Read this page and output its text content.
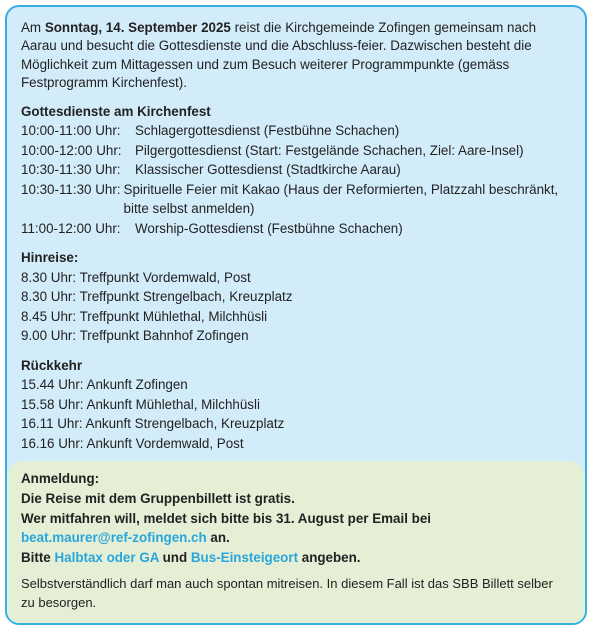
Am Sonntag, 14. September 2025 reist die Kirchgemeinde Zofingen gemeinsam nach Aarau und besucht die Gottesdienste und die Abschluss-feier. Dazwischen besteht die Möglichkeit zum Mittagessen und zum Besuch weiterer Programmpunkte (gemäss Festprogramm Kirchenfest).

Gottesdienste am Kirchenfest

10:00-11:00 Uhr: Schlagergottesdienst (Festbühne Schachen)
10:00-12:00 Uhr: Pilgergottesdienst (Start: Festgelände Schachen, Ziel: Aare-Insel)
10:30-11:30 Uhr: Klassischer Gottesdienst (Stadtkirche Aarau)
10:30-11:30 Uhr: Spirituelle Feier mit Kakao (Haus der Reformierten, Platzzahl beschränkt, bitte selbst anmelden)
11:00-12:00 Uhr: Worship-Gottesdienst (Festbühne Schachen)

Hinreise:

8.30 Uhr: Treffpunkt Vordemwald, Post
8.30 Uhr: Treffpunkt Strengelbach, Kreuzplatz
8.45 Uhr: Treffpunkt Mühlethal, Milchhüsli
9.00 Uhr: Treffpunkt Bahnhof Zofingen

Rückkehr

15.44 Uhr: Ankunft Zofingen
15.58 Uhr: Ankunft Mühlethal, Milchhüsli
16.11 Uhr: Ankunft Strengelbach, Kreuzplatz
16.16 Uhr: Ankunft Vordemwald, Post
Anmeldung:
Die Reise mit dem Gruppenbillett ist gratis.
Wer mitfahren will, meldet sich bitte bis 31. August per Email bei
beat.maurer@ref-zofingen.ch an.
Bitte Halbtax oder GA und Bus-Einsteigeort angeben.

Selbstverständlich darf man auch spontan mitreisen. In diesem Fall ist das SBB Billett selber zu besorgen.
